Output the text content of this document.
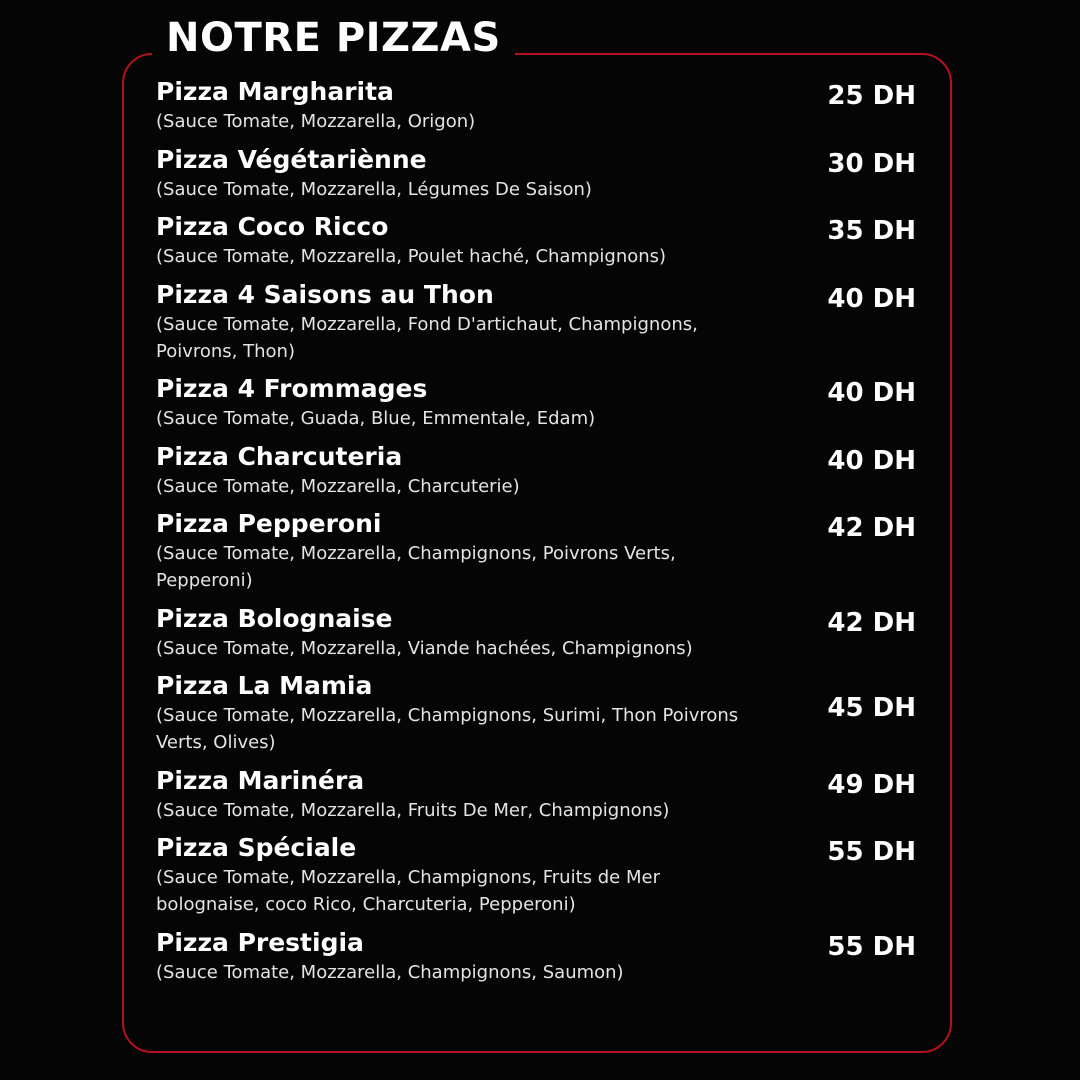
NOTRE PIZZAS
Pizza Margharita
(Sauce Tomate, Mozzarella, Origon)
25 DH
Pizza Végétariènne
(Sauce Tomate, Mozzarella, Légumes De Saison)
30 DH
Pizza Coco Ricco
(Sauce Tomate, Mozzarella, Poulet haché, Champignons)
35 DH
Pizza 4 Saisons au Thon
(Sauce Tomate, Mozzarella, Fond D'artichaut, Champignons, Poivrons, Thon)
40 DH
Pizza 4 Frommages
(Sauce Tomate, Guada, Blue, Emmentale, Edam)
40 DH
Pizza Charcuteria
(Sauce Tomate, Mozzarella, Charcuterie)
40 DH
Pizza Pepperoni
(Sauce Tomate, Mozzarella, Champignons, Poivrons Verts, Pepperoni)
42 DH
Pizza Bolognaise
(Sauce Tomate, Mozzarella, Viande hachées, Champignons)
42 DH
Pizza La Mamia
(Sauce Tomate, Mozzarella, Champignons, Surimi, Thon Poivrons Verts, Olives)
45 DH
Pizza Marinéra
(Sauce Tomate, Mozzarella, Fruits De Mer, Champignons)
49 DH
Pizza Spéciale
(Sauce Tomate, Mozzarella, Champignons, Fruits de Mer bolognaise, coco Rico, Charcuteria, Pepperoni)
55 DH
Pizza Prestigia
(Sauce Tomate, Mozzarella, Champignons, Saumon)
55 DH
